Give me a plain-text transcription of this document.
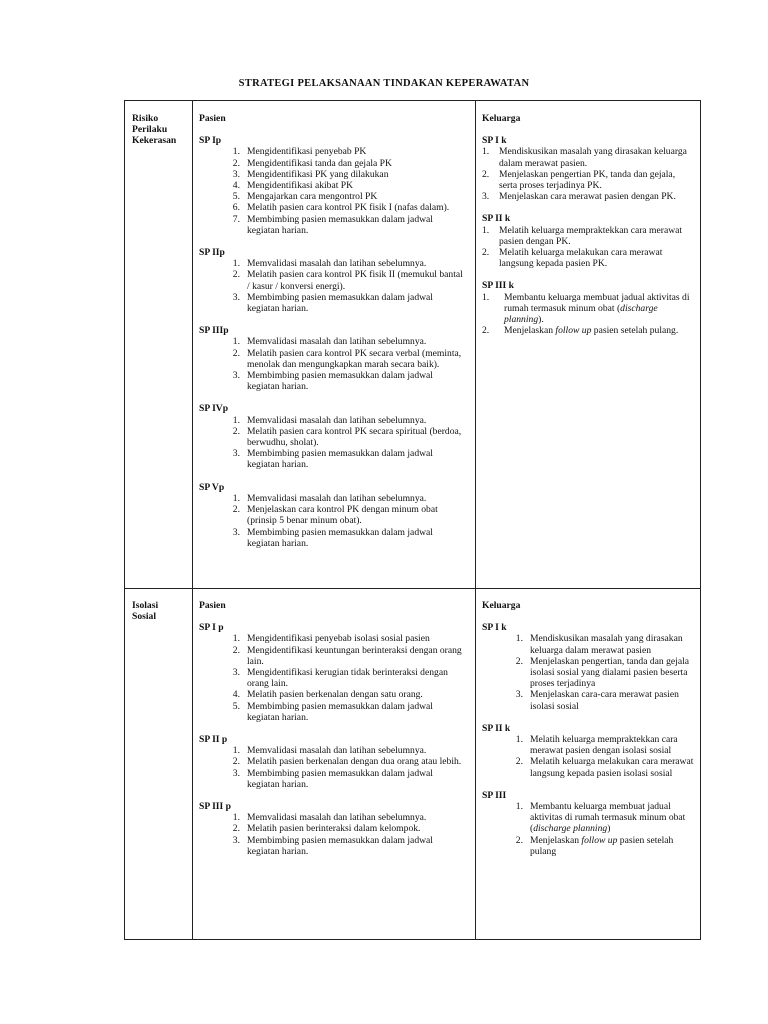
STRATEGI PELAKSANAAN TINDAKAN KEPERAWATAN
Risiko
Perilaku
Kekerasan
Pasien
SP Ip
1. Mengidentifikasi penyebab PK
2. Mengidentifikasi tanda dan gejala PK
3. Mengidentifikasi PK yang dilakukan
4. Mengidentifikasi akibat PK
5. Mengajarkan cara mengontrol PK
6. Melatih pasien cara kontrol PK fisik I (nafas dalam).
7. Membimbing pasien memasukkan dalam jadwal kegiatan harian.
SP IIp
1. Memvalidasi masalah dan latihan sebelumnya.
2. Melatih pasien cara kontrol PK fisik II (memukul bantal / kasur / konversi energi).
3. Membimbing pasien memasukkan dalam jadwal kegiatan harian.
SP IIIp
1. Memvalidasi masalah dan latihan sebelumnya.
2. Melatih pasien cara kontrol PK secara verbal (meminta, menolak dan mengungkapkan marah secara baik).
3. Membimbing pasien memasukkan dalam jadwal kegiatan harian.
SP IVp
1. Memvalidasi masalah dan latihan sebelumnya.
2. Melatih pasien cara kontrol PK secara spiritual (berdoa, berwudhu, sholat).
3. Membimbing pasien memasukkan dalam jadwal kegiatan harian.
SP Vp
1. Memvalidasi masalah dan latihan sebelumnya.
2. Menjelaskan cara kontrol PK dengan minum obat (prinsip 5 benar minum obat).
3. Membimbing pasien memasukkan dalam jadwal kegiatan harian.
Keluarga
SP I k
1. Mendiskusikan masalah yang dirasakan keluarga dalam merawat pasien.
2. Menjelaskan pengertian PK, tanda dan gejala, serta proses terjadinya PK.
3. Menjelaskan cara merawat pasien dengan PK.
SP II k
1. Melatih keluarga mempraktekkan cara merawat pasien dengan PK.
2. Melatih keluarga melakukan cara merawat langsung kepada pasien PK.
SP III k
1.	Membantu keluarga membuat jadual aktivitas di rumah termasuk minum obat (discharge planning).
2.	Menjelaskan follow up pasien setelah pulang.
Isolasi
Sosial
Pasien
SP I p
1. Mengidentifikasi penyebab isolasi sosial pasien
2. Mengidentifikasi keuntungan berinteraksi dengan orang lain.
3. Mengidentifikasi kerugian tidak berinteraksi dengan orang lain.
4. Melatih pasien berkenalan dengan satu orang.
5. Membimbing pasien memasukkan dalam jadwal kegiatan harian.
SP II p
1. Memvalidasi masalah dan latihan sebelumnya.
2. Melatih pasien berkenalan dengan dua orang atau lebih.
3. Membimbing pasien memasukkan dalam jadwal kegiatan harian.
SP III p
1. Memvalidasi masalah dan latihan sebelumnya.
2. Melatih pasien berinteraksi dalam kelompok.
3. Membimbing pasien memasukkan dalam jadwal kegiatan harian.
Keluarga
SP I k
1. Mendiskusikan masalah yang dirasakan keluarga dalam merawat pasien
2. Menjelaskan pengertian, tanda dan gejala isolasi sosial yang dialami pasien beserta proses terjadinya
3. Menjelaskan cara-cara merawat pasien isolasi sosial
SP II k
1. Melatih keluarga mempraktekkan cara merawat pasien dengan isolasi sosial
2. Melatih keluarga melakukan cara merawat langsung kepada pasien isolasi sosial
SP III
1. Membantu keluarga membuat jadual aktivitas di rumah termasuk minum obat (discharge planning)
2. Menjelaskan follow up pasien setelah pulang
